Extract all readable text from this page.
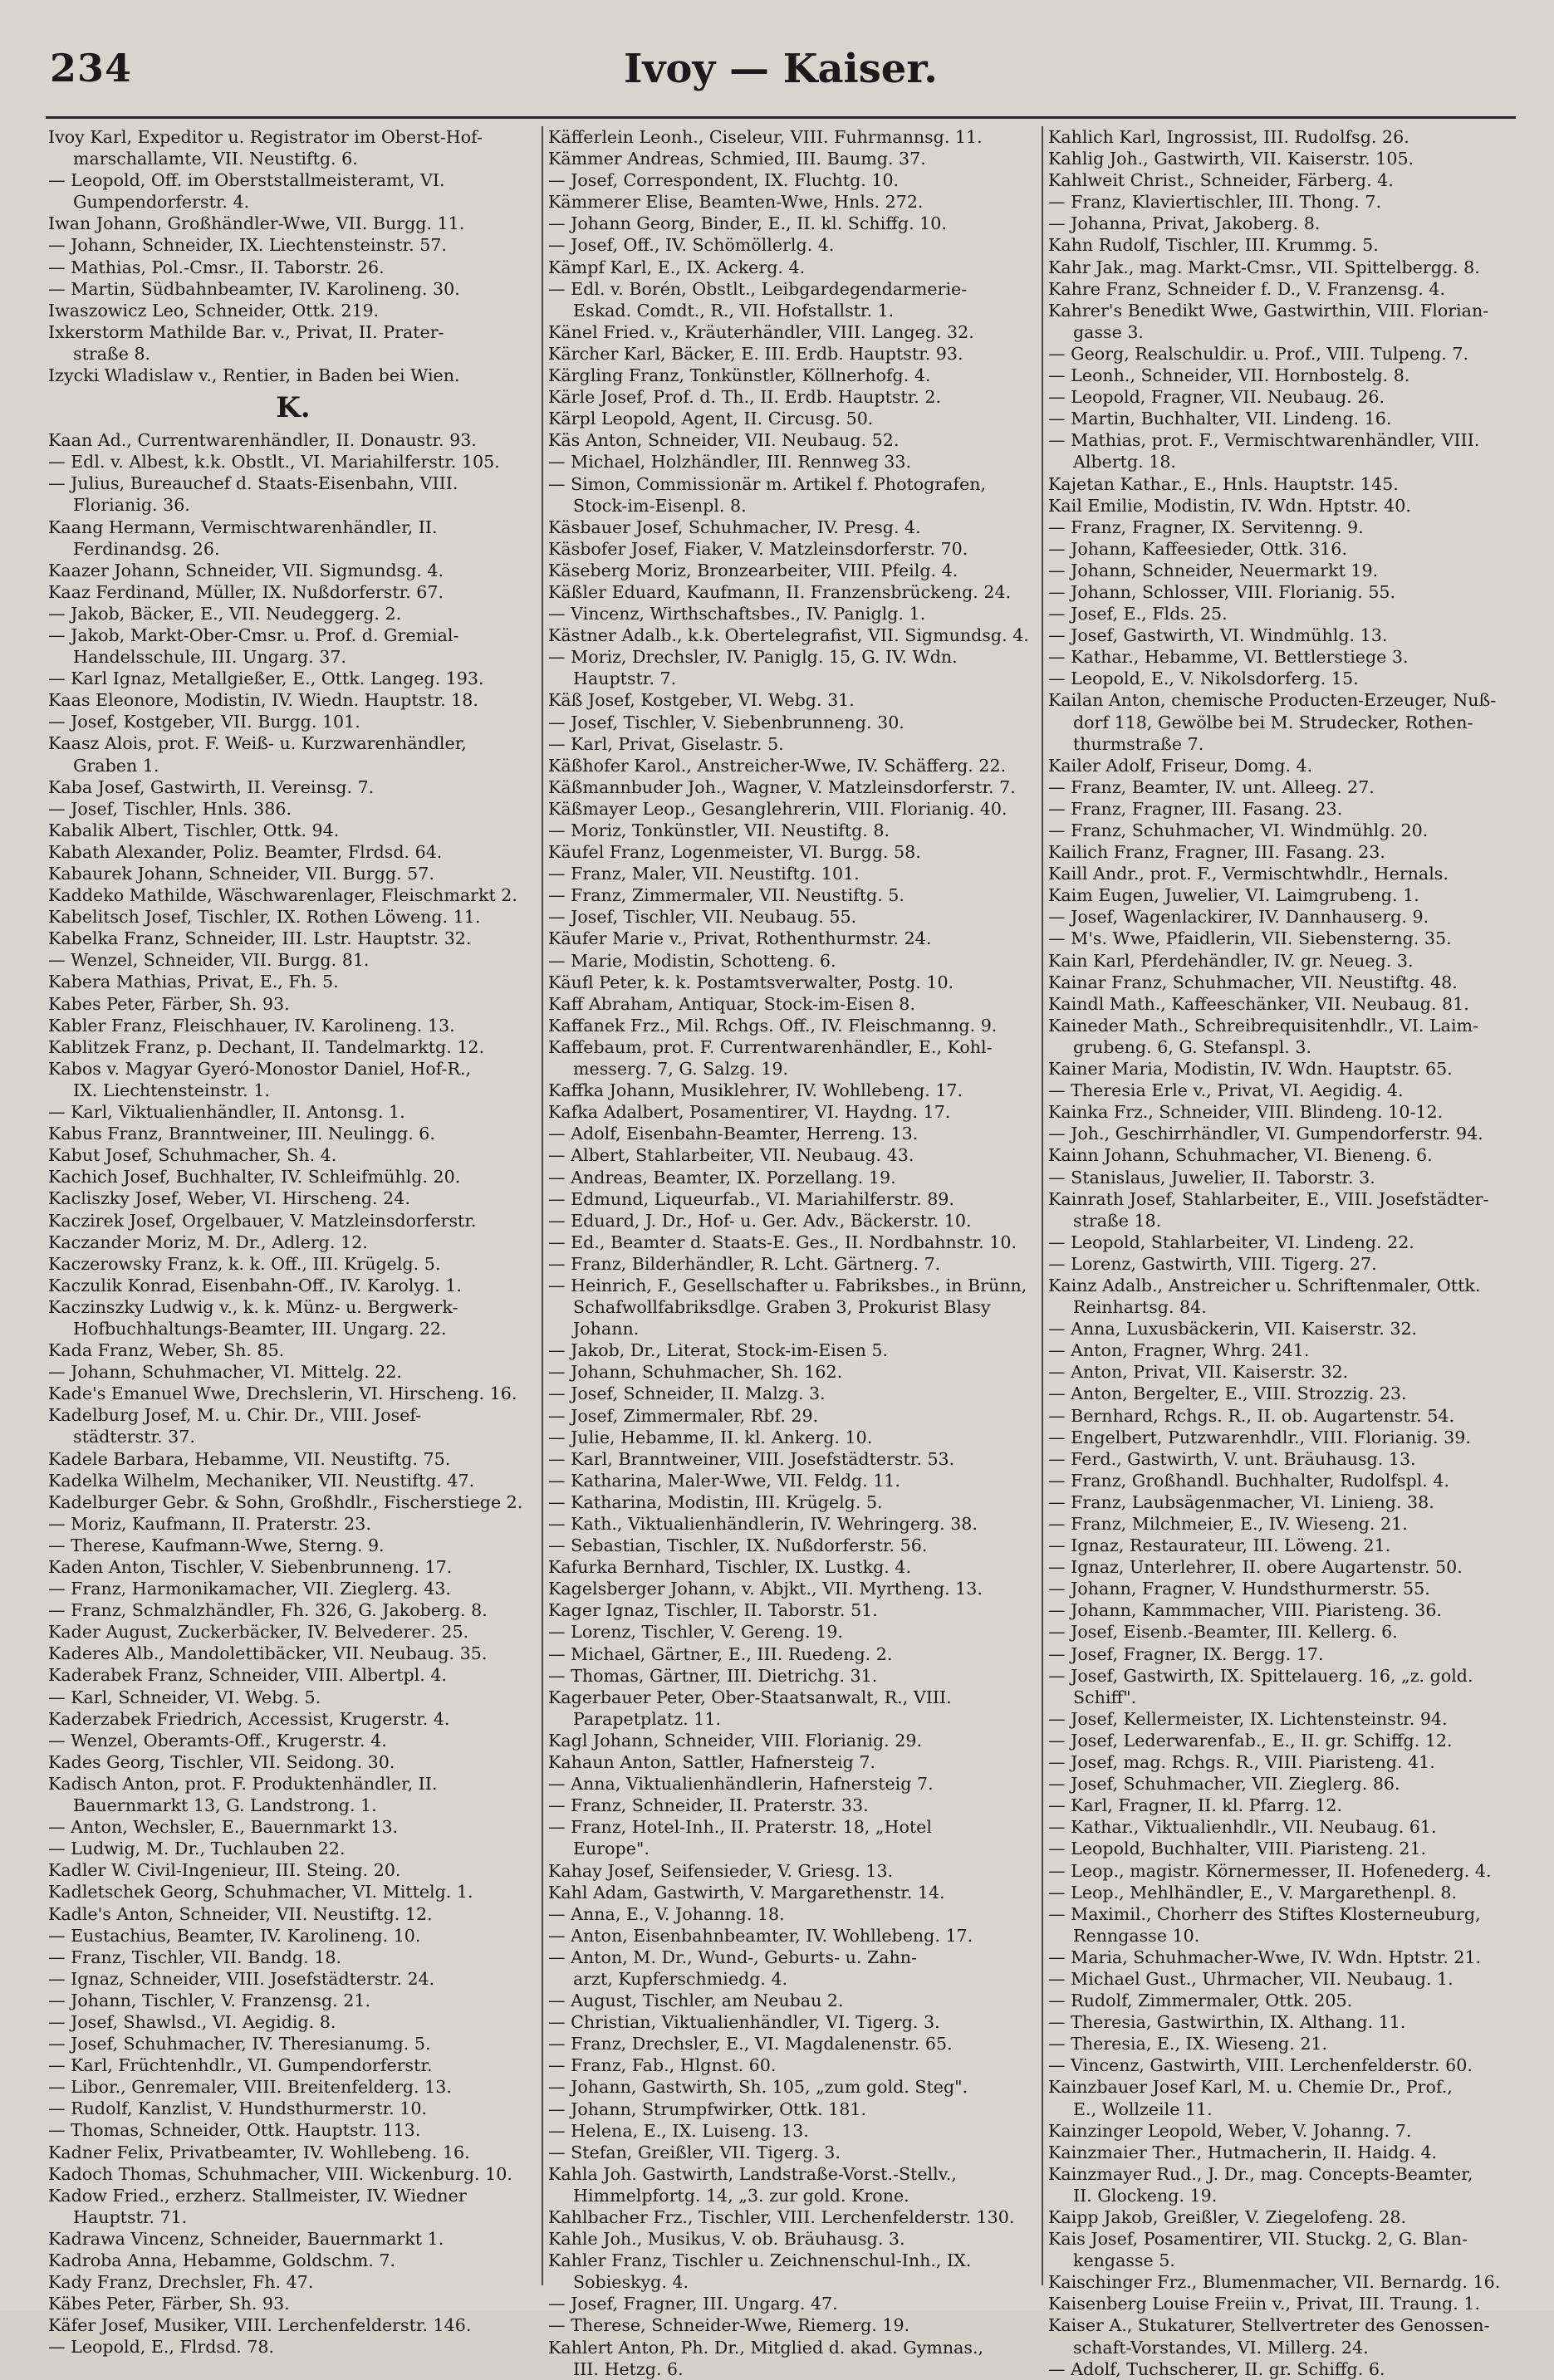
234	Ivoy — Kaiser.
Ivoy Karl, Expeditor u. Registrator im Oberst-Hof-
marschallamte, VII. Neustiftg. 6.
— Leopold, Off. im Oberststallmeisteramt, VI.
Gumpendorferstr. 4.
Iwan Johann, Großhändler-Wwe, VII. Burgg. 11.
— Johann, Schneider, IX. Liechtensteinstr. 57.
— Mathias, Pol.-Cmsr., II. Taborstr. 26.
— Martin, Südbahnbeamter, IV. Karolineng. 30.
Iwaszowicz Leo, Schneider, Ottk. 219.
Ixkerstorm Mathilde Bar. v., Privat, II. Prater-
straße 8.
Izycki Wladislaw v., Rentier, in Baden bei Wien.
K.
Kaan Ad., Currentwarenhändler, II. Donaustr. 93.
— Edl. v. Albest, k.k. Obstlt., VI. Mariahilferstr. 105.
— Julius, Bureauchef d. Staats-Eisenbahn, VIII.
Florianig. 36.
Kaang Hermann, Vermischtwarenhändler, II.
Ferdinandsg. 26.
Kaazer Johann, Schneider, VII. Sigmundsg. 4.
Kaaz Ferdinand, Müller, IX. Nußdorferstr. 67.
— Jakob, Bäcker, E., VII. Neudeggerg. 2.
— Jakob, Markt-Ober-Cmsr. u. Prof. d. Gremial-
Handelsschule, III. Ungarg. 37.
— Karl Ignaz, Metallgießer, E., Ottk. Langeg. 193.
Kaas Eleonore, Modistin, IV. Wiedn. Hauptstr. 18.
— Josef, Kostgeber, VII. Burgg. 101.
Kaasz Alois, prot. F. Weiß- u. Kurzwarenhändler,
Graben 1.
Kaba Josef, Gastwirth, II. Vereinsg. 7.
— Josef, Tischler, Hnls. 386.
Kabalik Albert, Tischler, Ottk. 94.
Kabath Alexander, Poliz. Beamter, Flrdsd. 64.
Kabaurek Johann, Schneider, VII. Burgg. 57.
Kaddeko Mathilde, Wäschwarenlager, Fleischmarkt 2.
Kabelitsch Josef, Tischler, IX. Rothen Löweng. 11.
Kabelka Franz, Schneider, III. Lstr. Hauptstr. 32.
— Wenzel, Schneider, VII. Burgg. 81.
Kabera Mathias, Privat, E., Fh. 5.
Kabes Peter, Färber, Sh. 93.
Kabler Franz, Fleischhauer, IV. Karolineng. 13.
Kablitzek Franz, p. Dechant, II. Tandelmarktg. 12.
Kabos v. Magyar Gyeró-Monostor Daniel, Hof-R.,
IX. Liechtensteinstr. 1.
— Karl, Viktualienhändler, II. Antonsg. 1.
Kabus Franz, Branntweiner, III. Neulingg. 6.
Kabut Josef, Schuhmacher, Sh. 4.
Kachich Josef, Buchhalter, IV. Schleifmühlg. 20.
Kacliszky Josef, Weber, VI. Hirscheng. 24.
Kaczirek Josef, Orgelbauer, V. Matzleinsdorferstr.
Kaczander Moriz, M. Dr., Adlerg. 12.
Kaczerowsky Franz, k. k. Off., III. Krügelg. 5.
Kaczulik Konrad, Eisenbahn-Off., IV. Karolyg. 1.
Kaczinszky Ludwig v., k. k. Münz- u. Bergwerk-
Hofbuchhaltungs-Beamter, III. Ungarg. 22.
Kada Franz, Weber, Sh. 85.
— Johann, Schuhmacher, VI. Mittelg. 22.
Kade's Emanuel Wwe, Drechslerin, VI. Hirscheng. 16.
Kadelburg Josef, M. u. Chir. Dr., VIII. Josef-
städterstr. 37.
Kadele Barbara, Hebamme, VII. Neustiftg. 75.
Kadelka Wilhelm, Mechaniker, VII. Neustiftg. 47.
Kadelburger Gebr. & Sohn, Großhdlr., Fischerstiege 2.
— Moriz, Kaufmann, II. Praterstr. 23.
— Therese, Kaufmann-Wwe, Sterng. 9.
Kaden Anton, Tischler, V. Siebenbrunneng. 17.
— Franz, Harmonikamacher, VII. Zieglerg. 43.
— Franz, Schmalzhändler, Fh. 326, G. Jakoberg. 8.
Kader August, Zuckerbäcker, IV. Belvederег. 25.
Kaderes Alb., Mandolettibäcker, VII. Neubaug. 35.
Kaderabek Franz, Schneider, VIII. Albertpl. 4.
— Karl, Schneider, VI. Webg. 5.
Kaderzabek Friedrich, Accessist, Krugerstr. 4.
— Wenzel, Oberamts-Off., Krugerstr. 4.
Kades Georg, Tischler, VII. Seidong. 30.
Kadisch Anton, prot. F. Produktenhändler, II.
Bauernmarkt 13, G. Landstrong. 1.
— Anton, Wechsler, E., Bauernmarkt 13.
— Ludwig, M. Dr., Tuchlauben 22.
Kadler W. Civil-Ingenieur, III. Steing. 20.
Kadletschek Georg, Schuhmacher, VI. Mittelg. 1.
Kadle's Anton, Schneider, VII. Neustiftg. 12.
— Eustachius, Beamter, IV. Karolineng. 10.
— Franz, Tischler, VII. Bandg. 18.
— Ignaz, Schneider, VIII. Josefstädterstr. 24.
— Johann, Tischler, V. Franzensg. 21.
— Josef, Shawlsd., VI. Aegidig. 8.
— Josef, Schuhmacher, IV. Theresianumg. 5.
— Karl, Früchtenhdlr., VI. Gumpendorferstr.
— Libor., Genremaler, VIII. Breitenfelderg. 13.
— Rudolf, Kanzlist, V. Hundsthurmerstr. 10.
— Thomas, Schneider, Ottk. Hauptstr. 113.
Kadner Felix, Privatbeamter, IV. Wohllebeng. 16.
Kadoch Thomas, Schuhmacher, VIII. Wickenburg. 10.
Kadow Fried., erzherz. Stallmeister, IV. Wiedner
Hauptstr. 71.
Kadrawa Vincenz, Schneider, Bauernmarkt 1.
Kadroba Anna, Hebamme, Goldschm. 7.
Kady Franz, Drechsler, Fh. 47.
Käbes Peter, Färber, Sh. 93.
Käfer Josef, Musiker, VIII. Lerchenfelderstr. 146.
— Leopold, E., Flrdsd. 78.
Käfferlein Leonh., Ciseleur, VIII. Fuhrmannsg. 11.
Kämmer Andreas, Schmied, III. Baumg. 37.
— Josef, Correspondent, IX. Fluchtg. 10.
Kämmerer Elise, Beamten-Wwe, Hnls. 272.
— Johann Georg, Binder, E., II. kl. Schiffg. 10.
— Josef, Off., IV. Schömöllerlg. 4.
Kämpf Karl, E., IX. Ackerg. 4.
— Edl. v. Borén, Obstlt., Leibgardegendarmerie-
Eskad. Comdt., R., VII. Hofstallstr. 1.
Känel Fried. v., Kräuterhändler, VIII. Langeg. 32.
Kärcher Karl, Bäcker, E. III. Erdb. Hauptstr. 93.
Kärgling Franz, Tonkünstler, Köllnerhofg. 4.
Kärle Josef, Prof. d. Th., II. Erdb. Hauptstr. 2.
Kärpl Leopold, Agent, II. Circusg. 50.
Käs Anton, Schneider, VII. Neubaug. 52.
— Michael, Holzhändler, III. Rennweg 33.
— Simon, Commissionär m. Artikel f. Photografen,
Stock-im-Eisenpl. 8.
Käsbauer Josef, Schuhmacher, IV. Presg. 4.
Käsbofer Josef, Fiaker, V. Matzleinsdorferstr. 70.
Käseberg Moriz, Bronzearbeiter, VIII. Pfeilg. 4.
Käßler Eduard, Kaufmann, II. Franzensbrückeng. 24.
— Vincenz, Wirthschaftsbes., IV. Paniglg. 1.
Kästner Adalb., k.k. Obertelegrafist, VII. Sigmundsg. 4.
— Moriz, Drechsler, IV. Paniglg. 15, G. IV. Wdn.
Hauptstr. 7.
Käß Josef, Kostgeber, VI. Webg. 31.
— Josef, Tischler, V. Siebenbrunneng. 30.
— Karl, Privat, Giselastr. 5.
Käßhofer Karol., Anstreicher-Wwe, IV. Schäfferg. 22.
Käßmannbuder Joh., Wagner, V. Matzleinsdorferstr. 7.
Käßmayer Leop., Gesanglehrerin, VIII. Florianig. 40.
— Moriz, Tonkünstler, VII. Neustiftg. 8.
Käufel Franz, Logenmeister, VI. Burgg. 58.
— Franz, Maler, VII. Neustiftg. 101.
— Franz, Zimmermaler, VII. Neustiftg. 5.
— Josef, Tischler, VII. Neubaug. 55.
Käufer Marie v., Privat, Rothenthurmstr. 24.
— Marie, Modistin, Schotteng. 6.
Käufl Peter, k. k. Postamtsverwalter, Postg. 10.
Kaff Abraham, Antiquar, Stock-im-Eisen 8.
Kaffanek Frz., Mil. Rchgs. Off., IV. Fleischmanng. 9.
Kaffebaum, prot. F. Currentwarenhändler, E., Kohl-
messerg. 7, G. Salzg. 19.
Kaffka Johann, Musiklehrer, IV. Wohllebeng. 17.
Kafka Adalbert, Posamentirer, VI. Haydng. 17.
— Adolf, Eisenbahn-Beamter, Herreng. 13.
— Albert, Stahlarbeiter, VII. Neubaug. 43.
— Andreas, Beamter, IX. Porzellang. 19.
— Edmund, Liqueurfab., VI. Mariahilferstr. 89.
— Eduard, J. Dr., Hof- u. Ger. Adv., Bäckerstr. 10.
— Ed., Beamter d. Staats-E. Ges., II. Nordbahnstr. 10.
— Franz, Bilderhändler, R. Lcht. Gärtnerg. 7.
— Heinrich, F., Gesellschafter u. Fabriksbes., in Brünn,
Schafwollfabriksdlge. Graben 3, Prokurist Blasy
Johann.
— Jakob, Dr., Literat, Stock-im-Eisen 5.
— Johann, Schuhmacher, Sh. 162.
— Josef, Schneider, II. Malzg. 3.
— Josef, Zimmermaler, Rbf. 29.
— Julie, Hebamme, II. kl. Ankerg. 10.
— Karl, Branntweiner, VIII. Josefstädterstr. 53.
— Katharina, Maler-Wwe, VII. Feldg. 11.
— Katharina, Modistin, III. Krügelg. 5.
— Kath., Viktualienhändlerin, IV. Wehringerg. 38.
— Sebastian, Tischler, IX. Nußdorferstr. 56.
Kafurka Bernhard, Tischler, IX. Lustkg. 4.
Kagelsberger Johann, v. Abjkt., VII. Myrtheng. 13.
Kager Ignaz, Tischler, II. Taborstr. 51.
— Lorenz, Tischler, V. Gereng. 19.
— Michael, Gärtner, E., III. Ruedeng. 2.
— Thomas, Gärtner, III. Dietrichg. 31.
Kagerbauer Peter, Ober-Staatsanwalt, R., VIII.
Parapetplatz. 11.
Kagl Johann, Schneider, VIII. Florianig. 29.
Kahaun Anton, Sattler, Hafnersteig 7.
— Anna, Viktualienhändlerin, Hafnersteig 7.
— Franz, Schneider, II. Praterstr. 33.
— Franz, Hotel-Inh., II. Praterstr. 18, „Hotel
Europe".
Kahay Josef, Seifensieder, V. Griesg. 13.
Kahl Adam, Gastwirth, V. Margarethenstr. 14.
— Anna, E., V. Johanng. 18.
— Anton, Eisenbahnbeamter, IV. Wohllebeng. 17.
— Anton, M. Dr., Wund-, Geburts- u. Zahn-
arzt, Kupferschmiedg. 4.
— August, Tischler, am Neubau 2.
— Christian, Viktualienhändler, VI. Tigerg. 3.
— Franz, Drechsler, E., VI. Magdalenenstr. 65.
— Franz, Fab., Hlgnst. 60.
— Johann, Gastwirth, Sh. 105, „zum gold. Steg".
— Johann, Strumpfwirker, Ottk. 181.
— Helena, E., IX. Luiseng. 13.
— Stefan, Greißler, VII. Tigerg. 3.
Kahla Joh. Gastwirth, Landstraße-Vorst.-Stellv.,
Himmelpfortg. 14, „3. zur gold. Krone.
Kahlbacher Frz., Tischler, VIII. Lerchenfelderstr. 130.
Kahle Joh., Musikus, V. ob. Bräuhausg. 3.
Kahler Franz, Tischler u. Zeichnenschul-Inh., IX.
Sobieskyg. 4.
— Josef, Fragner, III. Ungarg. 47.
— Therese, Schneider-Wwe, Riemerg. 19.
Kahlert Anton, Ph. Dr., Mitglied d. akad. Gymnas.,
III. Hetzg. 6.
Kahlich Karl, Ingrossist, III. Rudolfsg. 26.
Kahlig Joh., Gastwirth, VII. Kaiserstr. 105.
Kahlweit Christ., Schneider, Färberg. 4.
— Franz, Klaviertischler, III. Thong. 7.
— Johanna, Privat, Jakoberg. 8.
Kahn Rudolf, Tischler, III. Krummg. 5.
Kahr Jak., mag. Markt-Cmsr., VII. Spittelbergg. 8.
Kahre Franz, Schneider f. D., V. Franzensg. 4.
Kahrer's Benedikt Wwe, Gastwirthin, VIII. Florian-
gasse 3.
— Georg, Realschuldir. u. Prof., VIII. Tulpeng. 7.
— Leonh., Schneider, VII. Hornbostelg. 8.
— Leopold, Fragner, VII. Neubaug. 26.
— Martin, Buchhalter, VII. Lindeng. 16.
— Mathias, prot. F., Vermischtwarenhändler, VIII.
Albertg. 18.
Kajetan Kathar., E., Hnls. Hauptstr. 145.
Kail Emilie, Modistin, IV. Wdn. Hptstr. 40.
— Franz, Fragner, IX. Servitenng. 9.
— Johann, Kaffeesieder, Ottk. 316.
— Johann, Schneider, Neuermarkt 19.
— Johann, Schlosser, VIII. Florianig. 55.
— Josef, E., Flds. 25.
— Josef, Gastwirth, VI. Windmühlg. 13.
— Kathar., Hebamme, VI. Bettlerstiege 3.
— Leopold, E., V. Nikolsdorferg. 15.
Kailan Anton, chemische Producten-Erzeuger, Nuß-
dorf 118, Gewölbe bei M. Strudecker, Rothen-
thurmstraße 7.
Kailer Adolf, Friseur, Domg. 4.
— Franz, Beamter, IV. unt. Alleeg. 27.
— Franz, Fragner, III. Fasang. 23.
— Franz, Schuhmacher, VI. Windmühlg. 20.
Kailich Franz, Fragner, III. Fasang. 23.
Kaill Andr., prot. F., Vermischtwhdlr., Hernals.
Kaim Eugen, Juwelier, VI. Laimgrubeng. 1.
— Josef, Wagenlackirer, IV. Dannhauserg. 9.
— M's. Wwe, Pfaidlerin, VII. Siebensterng. 35.
Kain Karl, Pferdehändler, IV. gr. Neueg. 3.
Kainar Franz, Schuhmacher, VII. Neustiftg. 48.
Kaindl Math., Kaffeeschänker, VII. Neubaug. 81.
Kaineder Math., Schreibrequisitenhdlr., VI. Laim-
grubeng. 6, G. Stefanspl. 3.
Kainer Maria, Modistin, IV. Wdn. Hauptstr. 65.
— Theresia Erle v., Privat, VI. Aegidig. 4.
Kainka Frz., Schneider, VIII. Blindeng. 10-12.
— Joh., Geschirrhändler, VI. Gumpendorferstr. 94.
Kainn Johann, Schuhmacher, VI. Bieneng. 6.
— Stanislaus, Juwelier, II. Taborstr. 3.
Kainrath Josef, Stahlarbeiter, E., VIII. Josefstädter-
straße 18.
— Leopold, Stahlarbeiter, VI. Lindeng. 22.
— Lorenz, Gastwirth, VIII. Tigerg. 27.
Kainz Adalb., Anstreicher u. Schriftenmaler, Ottk.
Reinhartsg. 84.
— Anna, Luxusbäckerin, VII. Kaiserstr. 32.
— Anton, Fragner, Whrg. 241.
— Anton, Privat, VII. Kaiserstr. 32.
— Anton, Bergelter, E., VIII. Strozzig. 23.
— Bernhard, Rchgs. R., II. ob. Augartenstr. 54.
— Engelbert, Putzwarenhdlr., VIII. Florianig. 39.
— Ferd., Gastwirth, V. unt. Bräuhausg. 13.
— Franz, Großhandl. Buchhalter, Rudolfspl. 4.
— Franz, Laubsägenmacher, VI. Linieng. 38.
— Franz, Milchmeier, E., IV. Wieseng. 21.
— Ignaz, Restaurateur, III. Löweng. 21.
— Ignaz, Unterlehrer, II. obere Augartenstr. 50.
— Johann, Fragner, V. Hundsthurmerstr. 55.
— Johann, Kammmacher, VIII. Piaristeng. 36.
— Josef, Eisenb.-Beamter, III. Kellerg. 6.
— Josef, Fragner, IX. Bergg. 17.
— Josef, Gastwirth, IX. Spittelauerg. 16, „z. gold.
Schiff".
— Josef, Kellermeister, IX. Lichtensteinstr. 94.
— Josef, Lederwarenfab., E., II. gr. Schiffg. 12.
— Josef, mag. Rchgs. R., VIII. Piaristeng. 41.
— Josef, Schuhmacher, VII. Zieglerg. 86.
— Karl, Fragner, II. kl. Pfarrg. 12.
— Kathar., Viktualienhdlr., VII. Neubaug. 61.
— Leopold, Buchhalter, VIII. Piaristeng. 21.
— Leop., magistr. Körnermesser, II. Hofenederg. 4.
— Leop., Mehlhändler, E., V. Margarethenpl. 8.
— Maximil., Chorherr des Stiftes Klosterneuburg,
Renngasse 10.
— Maria, Schuhmacher-Wwe, IV. Wdn. Hptstr. 21.
— Michael Gust., Uhrmacher, VII. Neubaug. 1.
— Rudolf, Zimmermaler, Ottk. 205.
— Theresia, Gastwirthin, IX. Althang. 11.
— Theresia, E., IX. Wieseng. 21.
— Vincenz, Gastwirth, VIII. Lerchenfelderstr. 60.
Kainzbauer Josef Karl, M. u. Chemie Dr., Prof.,
E., Wollzeile 11.
Kainzinger Leopold, Weber, V. Johanng. 7.
Kainzmaier Ther., Hutmacherin, II. Haidg. 4.
Kainzmayer Rud., J. Dr., mag. Concepts-Beamter,
II. Glockeng. 19.
Kaipp Jakob, Greißler, V. Ziegelofeng. 28.
Kais Josef, Posamentirer, VII. Stuckg. 2, G. Blan-
kengasse 5.
Kaischinger Frz., Blumenmacher, VII. Bernardg. 16.
Kaisenberg Louise Freiin v., Privat, III. Traung. 1.
Kaiser A., Stukaturer, Stellvertreter des Genossen-
schaft-Vorstandes, VI. Millerg. 24.
— Adolf, Tuchscherer, II. gr. Schiffg. 6.
